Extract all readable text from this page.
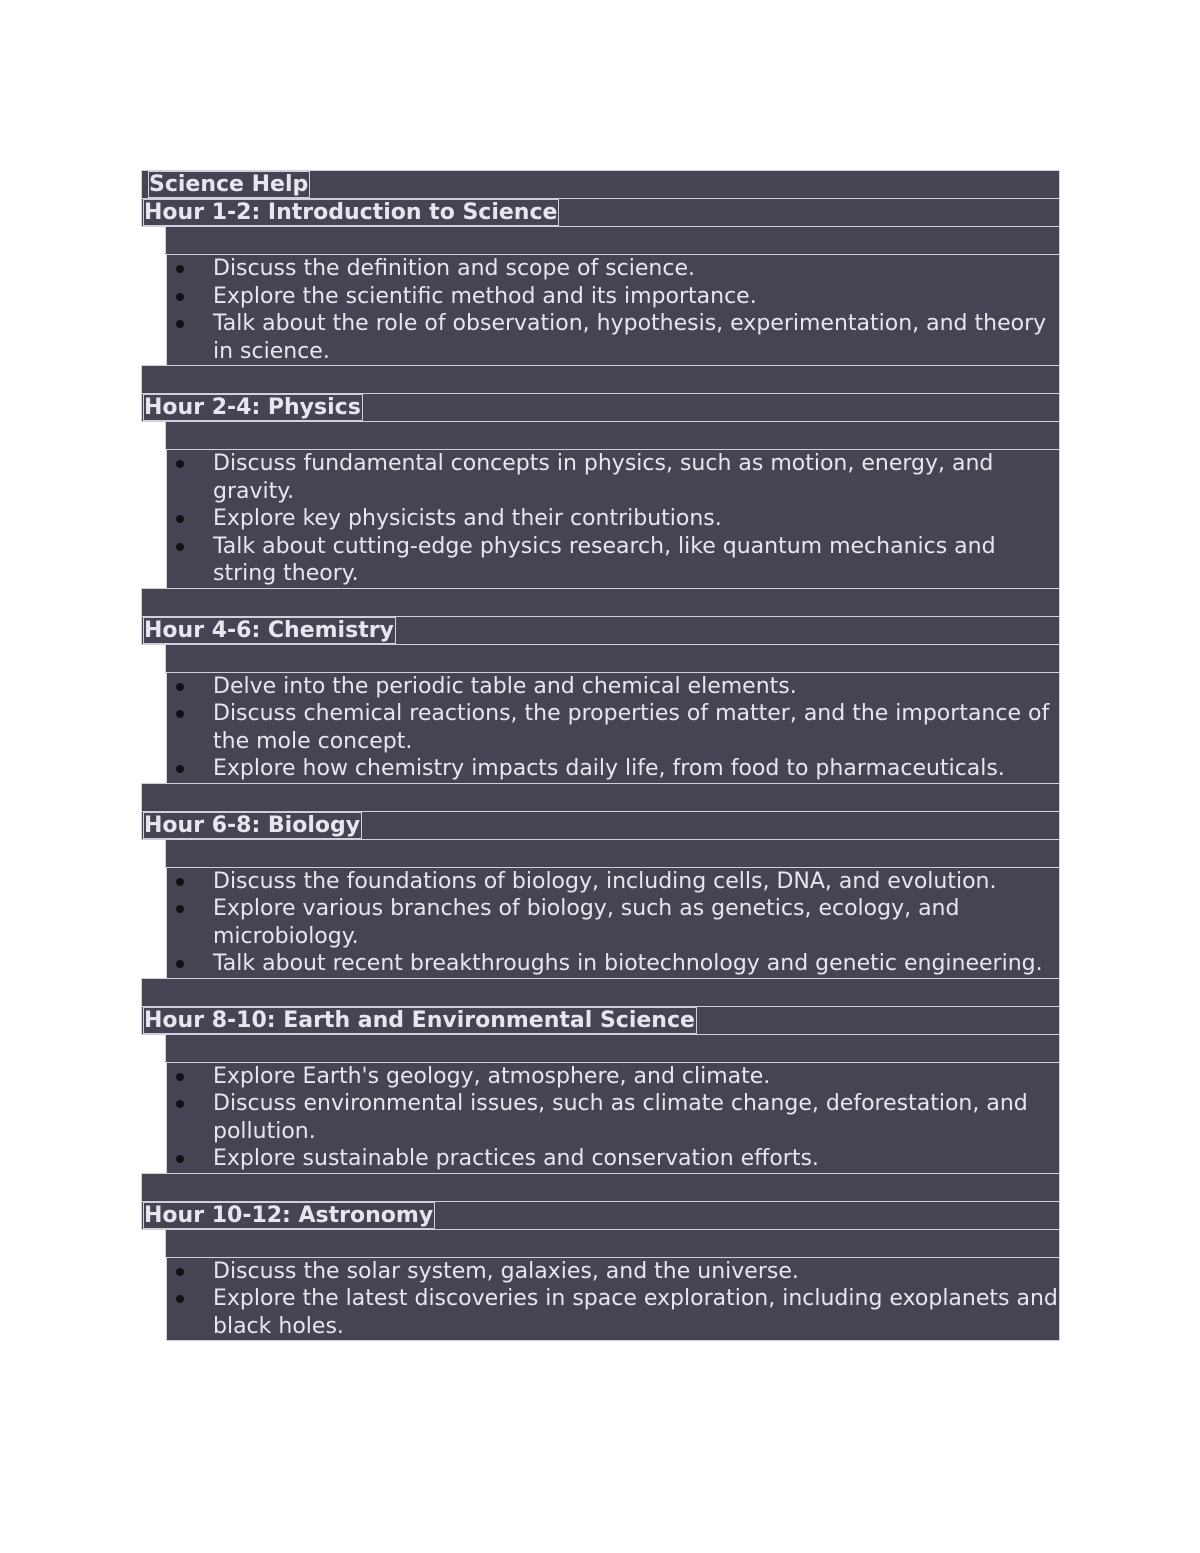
Science Help
Hour 1-2: Introduction to Science
Discuss the definition and scope of science.
Explore the scientific method and its importance.
Talk about the role of observation, hypothesis, experimentation, and theory in science.
Hour 2-4: Physics
Discuss fundamental concepts in physics, such as motion, energy, and gravity.
Explore key physicists and their contributions.
Talk about cutting-edge physics research, like quantum mechanics and string theory.
Hour 4-6: Chemistry
Delve into the periodic table and chemical elements.
Discuss chemical reactions, the properties of matter, and the importance of the mole concept.
Explore how chemistry impacts daily life, from food to pharmaceuticals.
Hour 6-8: Biology
Discuss the foundations of biology, including cells, DNA, and evolution.
Explore various branches of biology, such as genetics, ecology, and microbiology.
Talk about recent breakthroughs in biotechnology and genetic engineering.
Hour 8-10: Earth and Environmental Science
Explore Earth's geology, atmosphere, and climate.
Discuss environmental issues, such as climate change, deforestation, and pollution.
Explore sustainable practices and conservation efforts.
Hour 10-12: Astronomy
Discuss the solar system, galaxies, and the universe.
Explore the latest discoveries in space exploration, including exoplanets and black holes.
